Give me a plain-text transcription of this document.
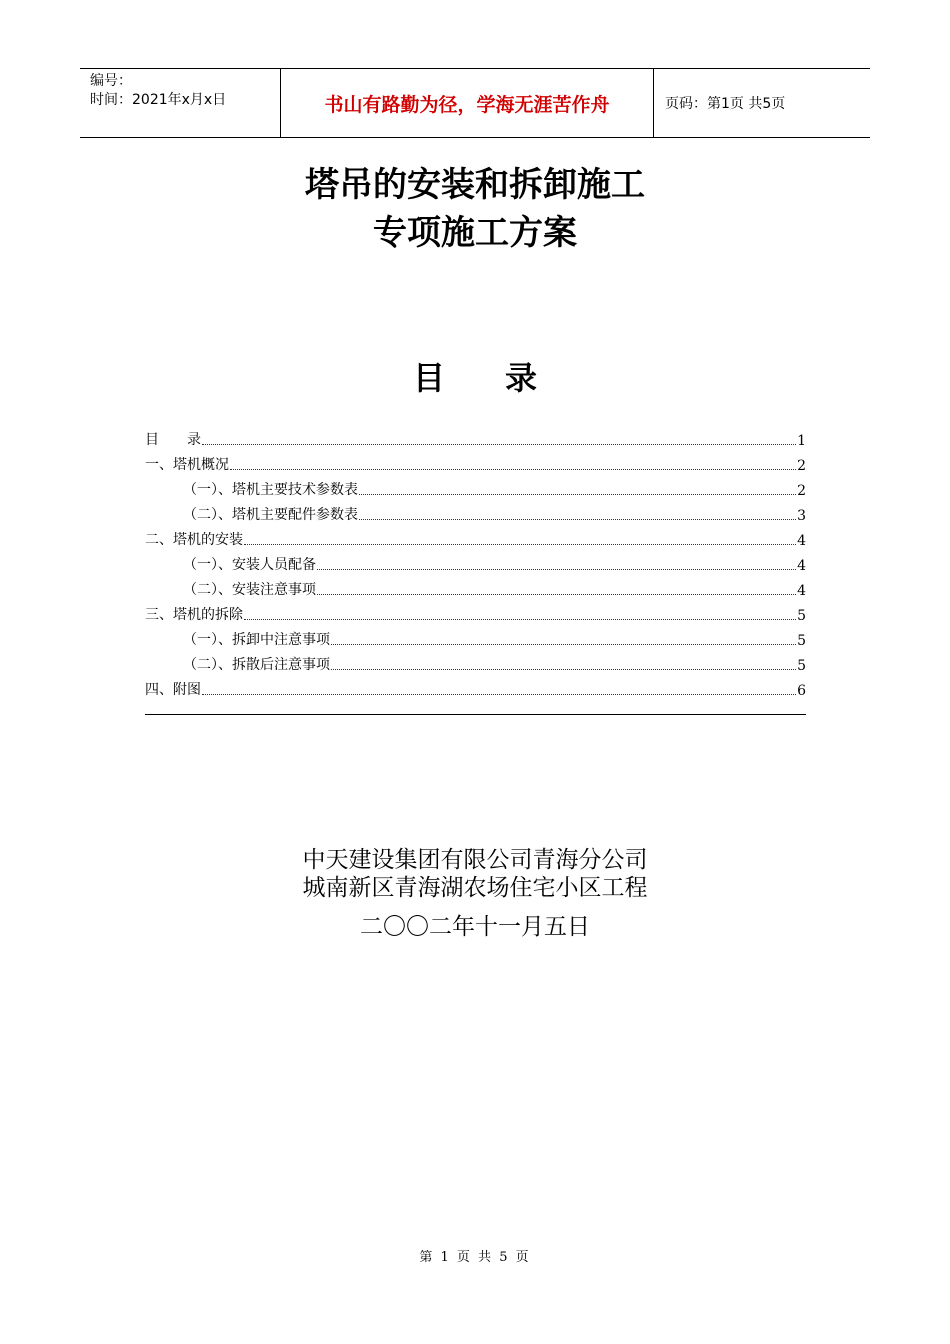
编号：
时间：2021年x月x日	书山有路勤为径，学海无涯苦作舟	页码：第1页 共5页
塔吊的安装和拆卸施工
专项施工方案
目录
目　　录	1
一、塔机概况	2
（一）、塔机主要技术参数表	2
（二）、塔机主要配件参数表	3
二、塔机的安装	4
（一）、安装人员配备	4
（二）、安装注意事项	4
三、塔机的拆除	5
（一）、拆卸中注意事项	5
（二）、拆散后注意事项	5
四、附图	6
中天建设集团有限公司青海分公司
城南新区青海湖农场住宅小区工程
二〇〇二年十一月五日
第 1 页 共 5 页
